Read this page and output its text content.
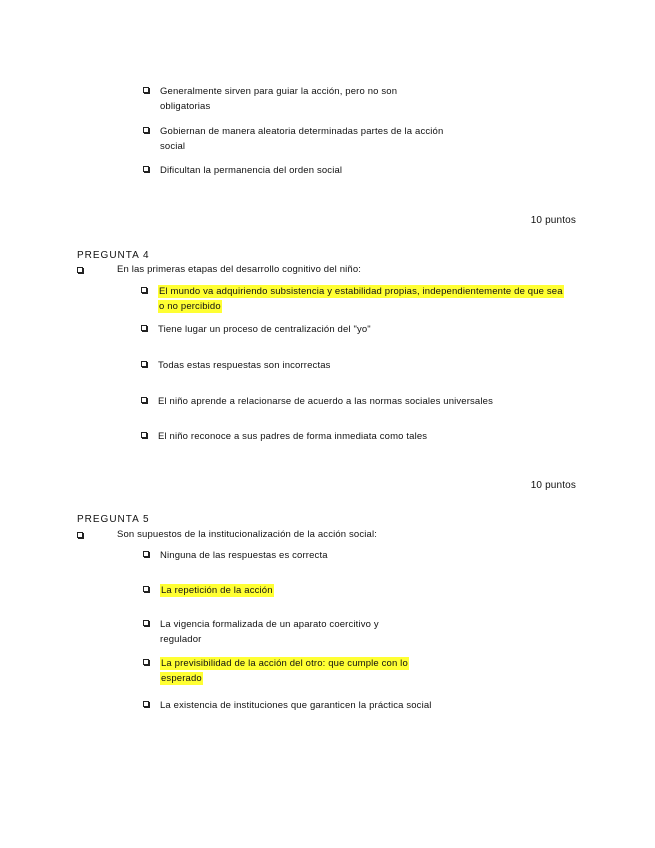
Generalmente sirven para guiar la acción, pero no son obligatorias
Gobiernan de manera aleatoria determinadas partes de la acción social
Dificultan la permanencia del orden social
10 puntos
PREGUNTA 4
En las primeras etapas del desarrollo cognitivo del niño:
El mundo va adquiriendo subsistencia y estabilidad propias, independientemente de que sea o no percibido
Tiene lugar un proceso de centralización del "yo"
Todas estas respuestas son incorrectas
El niño aprende a relacionarse de acuerdo a las normas sociales universales
El niño reconoce a sus padres de forma inmediata como tales
10 puntos
PREGUNTA 5
Son supuestos de la institucionalización de la acción social:
Ninguna de las respuestas es correcta
La repetición de la acción
La vigencia formalizada de un aparato coercitivo y regulador
La previsibilidad de la acción del otro: que cumple con lo esperado
La existencia de instituciones que garanticen la práctica social
